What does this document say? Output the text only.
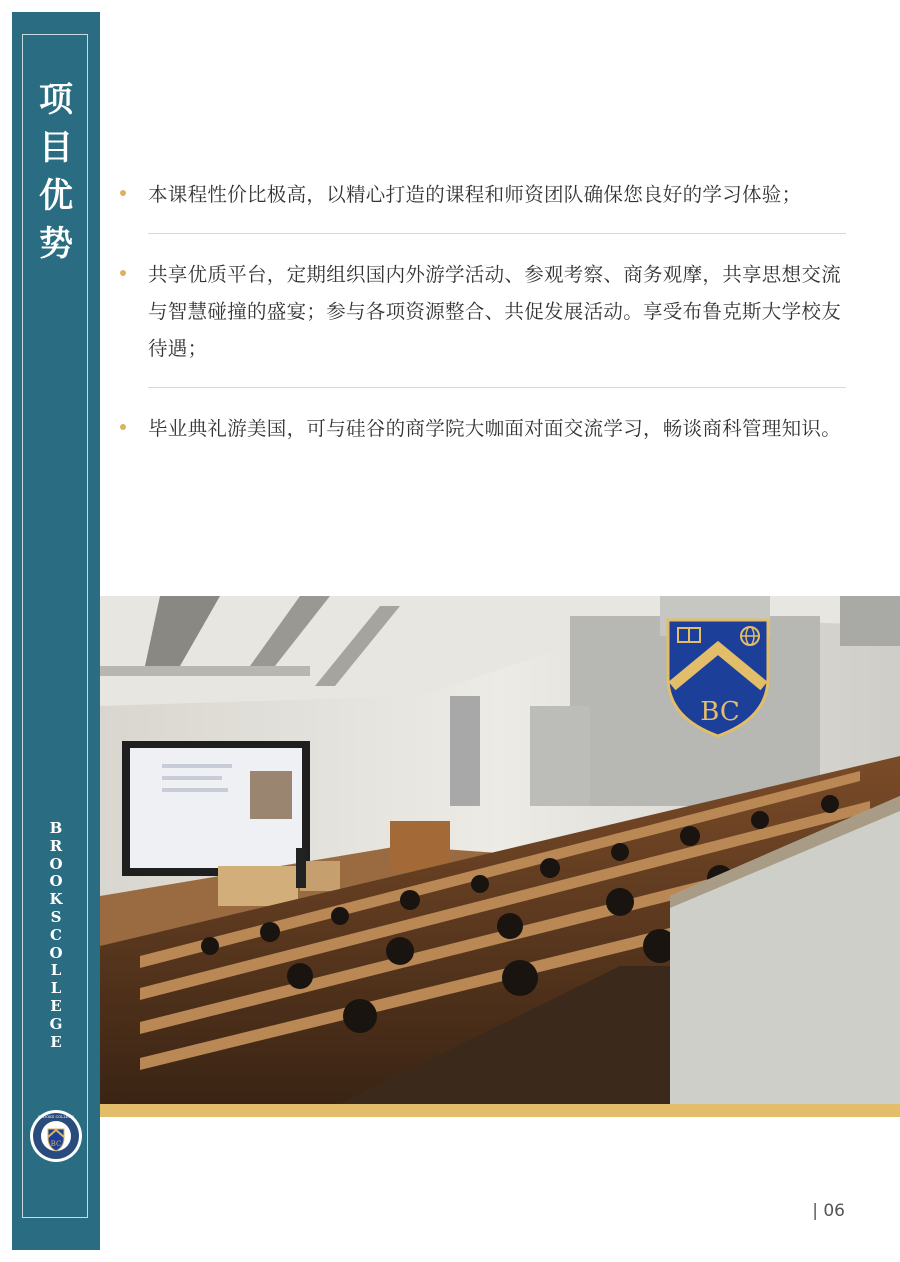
项
目
优
势
B
R
O
O
K
S
C
O
L
L
E
G
E
BC
BROOKS COLLEGE
本课程性价比极高，以精心打造的课程和师资团队确保您良好的学习体验；
共享优质平台，定期组织国内外游学活动、参观考察、商务观摩，共享思想交流与智慧碰撞的盛宴；参与各项资源整合、共促发展活动。享受布鲁克斯大学校友待遇；
毕业典礼游美国，可与硅谷的商学院大咖面对面交流学习，畅谈商科管理知识。
BC
| 06
